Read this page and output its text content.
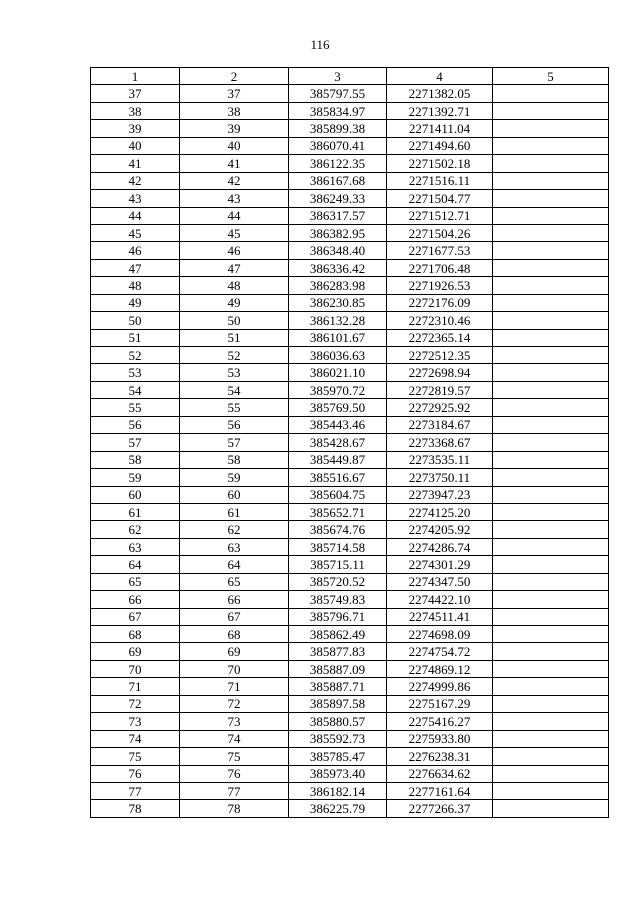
116
1	2	3	4	5
37	37	385797.55	2271382.05	
38	38	385834.97	2271392.71	
39	39	385899.38	2271411.04	
40	40	386070.41	2271494.60	
41	41	386122.35	2271502.18	
42	42	386167.68	2271516.11	
43	43	386249.33	2271504.77	
44	44	386317.57	2271512.71	
45	45	386382.95	2271504.26	
46	46	386348.40	2271677.53	
47	47	386336.42	2271706.48	
48	48	386283.98	2271926.53	
49	49	386230.85	2272176.09	
50	50	386132.28	2272310.46	
51	51	386101.67	2272365.14	
52	52	386036.63	2272512.35	
53	53	386021.10	2272698.94	
54	54	385970.72	2272819.57	
55	55	385769.50	2272925.92	
56	56	385443.46	2273184.67	
57	57	385428.67	2273368.67	
58	58	385449.87	2273535.11	
59	59	385516.67	2273750.11	
60	60	385604.75	2273947.23	
61	61	385652.71	2274125.20	
62	62	385674.76	2274205.92	
63	63	385714.58	2274286.74	
64	64	385715.11	2274301.29	
65	65	385720.52	2274347.50	
66	66	385749.83	2274422.10	
67	67	385796.71	2274511.41	
68	68	385862.49	2274698.09	
69	69	385877.83	2274754.72	
70	70	385887.09	2274869.12	
71	71	385887.71	2274999.86	
72	72	385897.58	2275167.29	
73	73	385880.57	2275416.27	
74	74	385592.73	2275933.80	
75	75	385785.47	2276238.31	
76	76	385973.40	2276634.62	
77	77	386182.14	2277161.64	
78	78	386225.79	2277266.37	
